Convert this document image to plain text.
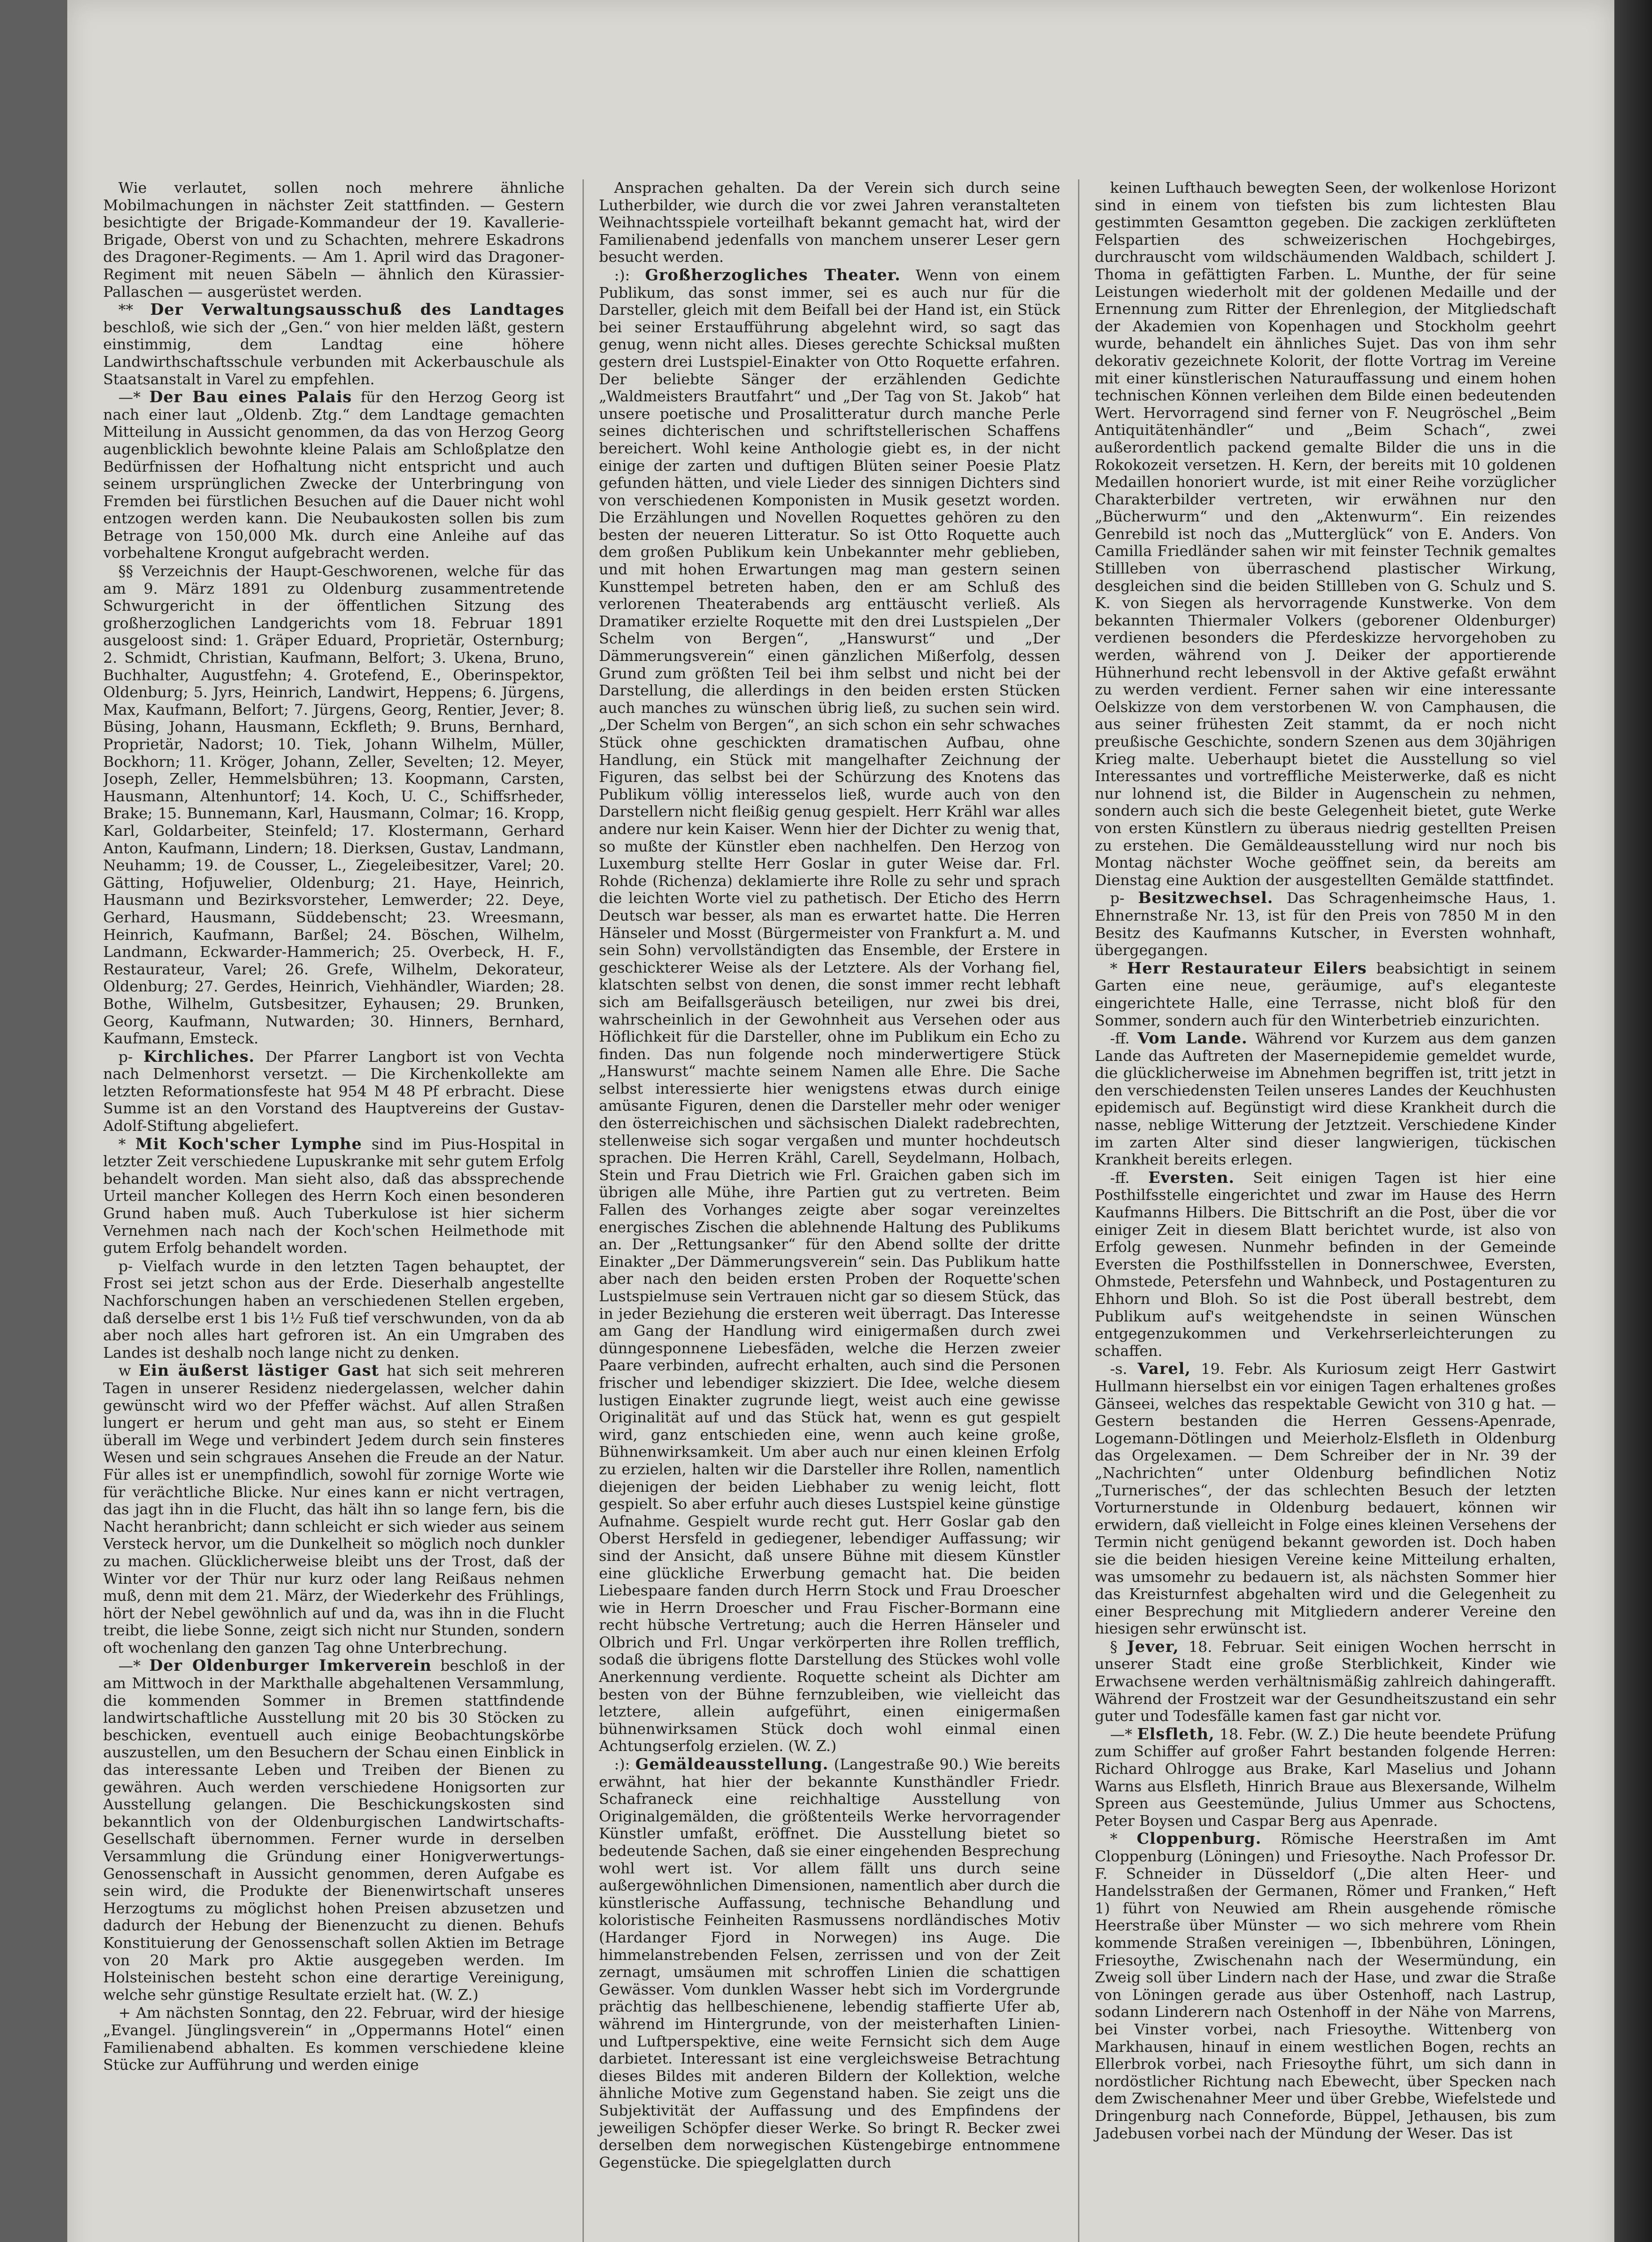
Wie verlautet, sollen noch mehrere ähnliche Mobilmachungen in nächster Zeit stattfinden. — Gestern besichtigte der Brigade-Kommandeur der 19. Kavallerie-Brigade, Oberst von und zu Schachten, mehrere Eskadrons des Dragoner-Regiments. — Am 1. April wird das Dragoner-Regiment mit neuen Säbeln — ähnlich den Kürassier-Pallaschen — ausgerüstet werden.

** Der Verwaltungsausschuß des Landtages beschloß, wie sich der „Gen.“ von hier melden läßt, gestern einstimmig, dem Landtag eine höhere Landwirthschaftsschule verbunden mit Ackerbauschule als Staatsanstalt in Varel zu empfehlen.

—* Der Bau eines Palais für den Herzog Georg ist nach einer laut „Oldenb. Ztg.“ dem Landtage gemachten Mitteilung in Aussicht genommen, da das von Herzog Georg augenblicklich bewohnte kleine Palais am Schloßplatze den Bedürfnissen der Hofhaltung nicht entspricht und auch seinem ursprünglichen Zwecke der Unterbringung von Fremden bei fürstlichen Besuchen auf die Dauer nicht wohl entzogen werden kann. Die Neubaukosten sollen bis zum Betrage von 150,000 Mk. durch eine Anleihe auf das vorbehaltene Krongut aufgebracht werden.

§§ Verzeichnis der Haupt-Geschworenen, welche für das am 9. März 1891 zu Oldenburg zusammentretende Schwurgericht in der öffentlichen Sitzung des großherzoglichen Landgerichts vom 18. Februar 1891 ausgeloost sind: 1. Gräper Eduard, Proprietär, Osternburg; 2. Schmidt, Christian, Kaufmann, Belfort; 3. Ukena, Bruno, Buchhalter, Augustfehn; 4. Grotefend, E., Oberinspektor, Oldenburg; 5. Jyrs, Heinrich, Landwirt, Heppens; 6. Jürgens, Max, Kaufmann, Belfort; 7. Jürgens, Georg, Rentier, Jever; 8. Büsing, Johann, Hausmann, Eckfleth; 9. Bruns, Bernhard, Proprietär, Nadorst; 10. Tiek, Johann Wilhelm, Müller, Bockhorn; 11. Kröger, Johann, Zeller, Sevelten; 12. Meyer, Joseph, Zeller, Hemmelsbühren; 13. Koopmann, Carsten, Hausmann, Altenhuntorf; 14. Koch, U. C., Schiffsrheder, Brake; 15. Bunnemann, Karl, Hausmann, Colmar; 16. Kropp, Karl, Goldarbeiter, Steinfeld; 17. Klostermann, Gerhard Anton, Kaufmann, Lindern; 18. Dierksen, Gustav, Landmann, Neuhamm; 19. de Cousser, L., Ziegeleibesitzer, Varel; 20. Gätting, Hofjuwelier, Oldenburg; 21. Haye, Heinrich, Hausmann und Bezirksvorsteher, Lemwerder; 22. Deye, Gerhard, Hausmann, Süddebenscht; 23. Wreesmann, Heinrich, Kaufmann, Barßel; 24. Böschen, Wilhelm, Landmann, Eckwarder-Hammerich; 25. Overbeck, H. F., Restaurateur, Varel; 26. Grefe, Wilhelm, Dekorateur, Oldenburg; 27. Gerdes, Heinrich, Viehhändler, Wiarden; 28. Bothe, Wilhelm, Gutsbesitzer, Eyhausen; 29. Brunken, Georg, Kaufmann, Nutwarden; 30. Hinners, Bernhard, Kaufmann, Emsteck.

p- Kirchliches. Der Pfarrer Langbort ist von Vechta nach Delmenhorst versetzt. — Die Kirchenkollekte am letzten Reformationsfeste hat 954 M 48 Pf erbracht. Diese Summe ist an den Vorstand des Hauptvereins der Gustav-Adolf-Stiftung abgeliefert.

* Mit Koch'scher Lymphe sind im Pius-Hospital in letzter Zeit verschiedene Lupuskranke mit sehr gutem Erfolg behandelt worden. Man sieht also, daß das abssprechende Urteil mancher Kollegen des Herrn Koch einen besonderen Grund haben muß. Auch Tuberkulose ist hier sicherm Vernehmen nach nach der Koch'schen Heilmethode mit gutem Erfolg behandelt worden.

p- Vielfach wurde in den letzten Tagen behauptet, der Frost sei jetzt schon aus der Erde. Dieserhalb angestellte Nachforschungen haben an verschiedenen Stellen ergeben, daß derselbe erst 1 bis 1½ Fuß tief verschwunden, von da ab aber noch alles hart gefroren ist. An ein Umgraben des Landes ist deshalb noch lange nicht zu denken.

w Ein äußerst lästiger Gast hat sich seit mehreren Tagen in unserer Residenz niedergelassen, welcher dahin gewünscht wird wo der Pfeffer wächst. Auf allen Straßen lungert er herum und geht man aus, so steht er Einem überall im Wege und verbindert Jedem durch sein finsteres Wesen und sein schgraues Ansehen die Freude an der Natur. Für alles ist er unempfindlich, sowohl für zornige Worte wie für verächtliche Blicke. Nur eines kann er nicht vertragen, das jagt ihn in die Flucht, das hält ihn so lange fern, bis die Nacht heranbricht; dann schleicht er sich wieder aus seinem Versteck hervor, um die Dunkelheit so möglich noch dunkler zu machen. Glücklicherweise bleibt uns der Trost, daß der Winter vor der Thür nur kurz oder lang Reißaus nehmen muß, denn mit dem 21. März, der Wiederkehr des Frühlings, hört der Nebel gewöhnlich auf und da, was ihn in die Flucht treibt, die liebe Sonne, zeigt sich nicht nur Stunden, sondern oft wochenlang den ganzen Tag ohne Unterbrechung.

—* Der Oldenburger Imkerverein beschloß in der am Mittwoch in der Markthalle abgehaltenen Versammlung, die kommenden Sommer in Bremen stattfindende landwirtschaftliche Ausstellung mit 20 bis 30 Stöcken zu beschicken, eventuell auch einige Beobachtungskörbe auszustellen, um den Besuchern der Schau einen Einblick in das interessante Leben und Treiben der Bienen zu gewähren. Auch werden verschiedene Honigsorten zur Ausstellung gelangen. Die Beschickungskosten sind bekanntlich von der Oldenburgischen Landwirtschafts-Gesellschaft übernommen. Ferner wurde in derselben Versammlung die Gründung einer Honigverwertungs-Genossenschaft in Aussicht genommen, deren Aufgabe es sein wird, die Produkte der Bienenwirtschaft unseres Herzogtums zu möglichst hohen Preisen abzusetzen und dadurch der Hebung der Bienenzucht zu dienen. Behufs Konstituierung der Genossenschaft sollen Aktien im Betrage von 20 Mark pro Aktie ausgegeben werden. Im Holsteinischen besteht schon eine derartige Vereinigung, welche sehr günstige Resultate erzielt hat. (W. Z.)

+ Am nächsten Sonntag, den 22. Februar, wird der hiesige „Evangel. Jünglingsverein“ in „Oppermanns Hotel“ einen Familienabend abhalten. Es kommen verschiedene kleine Stücke zur Aufführung und werden einige

Ansprachen gehalten. Da der Verein sich durch seine Lutherbilder, wie durch die vor zwei Jahren veranstalteten Weihnachtsspiele vorteilhaft bekannt gemacht hat, wird der Familienabend jedenfalls von manchem unserer Leser gern besucht werden.

:): Großherzogliches Theater. Wenn von einem Publikum, das sonst immer, sei es auch nur für die Darsteller, gleich mit dem Beifall bei der Hand ist, ein Stück bei seiner Erstaufführung abgelehnt wird, so sagt das genug, wenn nicht alles. Dieses gerechte Schicksal mußten gestern drei Lustspiel-Einakter von Otto Roquette erfahren. Der beliebte Sänger der erzählenden Gedichte „Waldmeisters Brautfahrt“ und „Der Tag von St. Jakob“ hat unsere poetische und Prosalitteratur durch manche Perle seines dichterischen und schriftstellerischen Schaffens bereichert. Wohl keine Anthologie giebt es, in der nicht einige der zarten und duftigen Blüten seiner Poesie Platz gefunden hätten, und viele Lieder des sinnigen Dichters sind von verschiedenen Komponisten in Musik gesetzt worden. Die Erzählungen und Novellen Roquettes gehören zu den besten der neueren Litteratur. So ist Otto Roquette auch dem großen Publikum kein Unbekannter mehr geblieben, und mit hohen Erwartungen mag man gestern seinen Kunsttempel betreten haben, den er am Schluß des verlorenen Theaterabends arg enttäuscht verließ. Als Dramatiker erzielte Roquette mit den drei Lustspielen „Der Schelm von Bergen“, „Hanswurst“ und „Der Dämmerungsverein“ einen gänzlichen Mißerfolg, dessen Grund zum größten Teil bei ihm selbst und nicht bei der Darstellung, die allerdings in den beiden ersten Stücken auch manches zu wünschen übrig ließ, zu suchen sein wird. „Der Schelm von Bergen“, an sich schon ein sehr schwaches Stück ohne geschickten dramatischen Aufbau, ohne Handlung, ein Stück mit mangelhafter Zeichnung der Figuren, das selbst bei der Schürzung des Knotens das Publikum völlig interesselos ließ, wurde auch von den Darstellern nicht fleißig genug gespielt. Herr Krähl war alles andere nur kein Kaiser. Wenn hier der Dichter zu wenig that, so mußte der Künstler eben nachhelfen. Den Herzog von Luxemburg stellte Herr Goslar in guter Weise dar. Frl. Rohde (Richenza) deklamierte ihre Rolle zu sehr und sprach die leichten Worte viel zu pathetisch. Der Eticho des Herrn Deutsch war besser, als man es erwartet hatte. Die Herren Hänseler und Mosst (Bürgermeister von Frankfurt a. M. und sein Sohn) vervollständigten das Ensemble, der Erstere in geschickterer Weise als der Letztere. Als der Vorhang fiel, klatschten selbst von denen, die sonst immer recht lebhaft sich am Beifallsgeräusch beteiligen, nur zwei bis drei, wahrscheinlich in der Gewohnheit aus Versehen oder aus Höflichkeit für die Darsteller, ohne im Publikum ein Echo zu finden. Das nun folgende noch minderwertigere Stück „Hanswurst“ machte seinem Namen alle Ehre. Die Sache selbst interessierte hier wenigstens etwas durch einige amüsante Figuren, denen die Darsteller mehr oder weniger den österreichischen und sächsischen Dialekt radebrechten, stellenweise sich sogar vergaßen und munter hochdeutsch sprachen. Die Herren Krähl, Carell, Seydelmann, Holbach, Stein und Frau Dietrich wie Frl. Graichen gaben sich im übrigen alle Mühe, ihre Partien gut zu vertreten. Beim Fallen des Vorhanges zeigte aber sogar vereinzeltes energisches Zischen die ablehnende Haltung des Publikums an. Der „Rettungsanker“ für den Abend sollte der dritte Einakter „Der Dämmerungsverein“ sein. Das Publikum hatte aber nach den beiden ersten Proben der Roquette'schen Lustspielmuse sein Vertrauen nicht gar so diesem Stück, das in jeder Beziehung die ersteren weit überragt. Das Interesse am Gang der Handlung wird einigermaßen durch zwei dünngesponnene Liebesfäden, welche die Herzen zweier Paare verbinden, aufrecht erhalten, auch sind die Personen frischer und lebendiger skizziert. Die Idee, welche diesem lustigen Einakter zugrunde liegt, weist auch eine gewisse Originalität auf und das Stück hat, wenn es gut gespielt wird, ganz entschieden eine, wenn auch keine große, Bühnenwirksamkeit. Um aber auch nur einen kleinen Erfolg zu erzielen, halten wir die Darsteller ihre Rollen, namentlich diejenigen der beiden Liebhaber zu wenig leicht, flott gespielt. So aber erfuhr auch dieses Lustspiel keine günstige Aufnahme. Gespielt wurde recht gut. Herr Goslar gab den Oberst Hersfeld in gediegener, lebendiger Auffassung; wir sind der Ansicht, daß unsere Bühne mit diesem Künstler eine glückliche Erwerbung gemacht hat. Die beiden Liebespaare fanden durch Herrn Stock und Frau Droescher wie in Herrn Droescher und Frau Fischer-Bormann eine recht hübsche Vertretung; auch die Herren Hänseler und Olbrich und Frl. Ungar verkörperten ihre Rollen trefflich, sodaß die übrigens flotte Darstellung des Stückes wohl volle Anerkennung verdiente. Roquette scheint als Dichter am besten von der Bühne fernzubleiben, wie vielleicht das letztere, allein aufgeführt, einen einigermaßen bühnenwirksamen Stück doch wohl einmal einen Achtungserfolg erzielen. (W. Z.)

:): Gemäldeausstellung. (Langestraße 90.) Wie bereits erwähnt, hat hier der bekannte Kunsthändler Friedr. Schafraneck eine reichhaltige Ausstellung von Originalgemälden, die größtenteils Werke hervorragender Künstler umfaßt, eröffnet. Die Ausstellung bietet so bedeutende Sachen, daß sie einer eingehenden Besprechung wohl wert ist. Vor allem fällt uns durch seine außergewöhnlichen Dimensionen, namentlich aber durch die künstlerische Auffassung, technische Behandlung und koloristische Feinheiten Rasmussens nordländisches Motiv (Hardanger Fjord in Norwegen) ins Auge. Die himmelanstrebenden Felsen, zerrissen und von der Zeit zernagt, umsäumen mit schroffen Linien die schattigen Gewässer. Vom dunklen Wasser hebt sich im Vordergrunde prächtig das hellbeschienene, lebendig staffierte Ufer ab, während im Hintergrunde, von der meisterhaften Linien- und Luftperspektive, eine weite Fernsicht sich dem Auge darbietet. Interessant ist eine vergleichsweise Betrachtung dieses Bildes mit anderen Bildern der Kollektion, welche ähnliche Motive zum Gegenstand haben. Sie zeigt uns die Subjektivität der Auffassung und des Empfindens der jeweiligen Schöpfer dieser Werke. So bringt R. Becker zwei derselben dem norwegischen Küstengebirge entnommene Gegenstücke. Die spiegelglatten durch

keinen Lufthauch bewegten Seen, der wolkenlose Horizont sind in einem von tiefsten bis zum lichtesten Blau gestimmten Gesamtton gegeben. Die zackigen zerklüfteten Felspartien des schweizerischen Hochgebirges, durchrauscht vom wildschäumenden Waldbach, schildert J. Thoma in gefättigten Farben. L. Munthe, der für seine Leistungen wiederholt mit der goldenen Medaille und der Ernennung zum Ritter der Ehrenlegion, der Mitgliedschaft der Akademien von Kopenhagen und Stockholm geehrt wurde, behandelt ein ähnliches Sujet. Das von ihm sehr dekorativ gezeichnete Kolorit, der flotte Vortrag im Vereine mit einer künstlerischen Naturauffassung und einem hohen technischen Können verleihen dem Bilde einen bedeutenden Wert. Hervorragend sind ferner von F. Neugröschel „Beim Antiquitätenhändler“ und „Beim Schach“, zwei außerordentlich packend gemalte Bilder die uns in die Rokokozeit versetzen. H. Kern, der bereits mit 10 goldenen Medaillen honoriert wurde, ist mit einer Reihe vorzüglicher Charakterbilder vertreten, wir erwähnen nur den „Bücherwurm“ und den „Aktenwurm“. Ein reizendes Genrebild ist noch das „Mutterglück“ von E. Anders. Von Camilla Friedländer sahen wir mit feinster Technik gemaltes Stillleben von überraschend plastischer Wirkung, desgleichen sind die beiden Stillleben von G. Schulz und S. K. von Siegen als hervorragende Kunstwerke. Von dem bekannten Thiermaler Volkers (geborener Oldenburger) verdienen besonders die Pferdeskizze hervorgehoben zu werden, während von J. Deiker der apportierende Hühnerhund recht lebensvoll in der Aktive gefaßt erwähnt zu werden verdient. Ferner sahen wir eine interessante Oelskizze von dem verstorbenen W. von Camphausen, die aus seiner frühesten Zeit stammt, da er noch nicht preußische Geschichte, sondern Szenen aus dem 30jährigen Krieg malte. Ueberhaupt bietet die Ausstellung so viel Interessantes und vortreffliche Meisterwerke, daß es nicht nur lohnend ist, die Bilder in Augenschein zu nehmen, sondern auch sich die beste Gelegenheit bietet, gute Werke von ersten Künstlern zu überaus niedrig gestellten Preisen zu erstehen. Die Gemäldeausstellung wird nur noch bis Montag nächster Woche geöffnet sein, da bereits am Dienstag eine Auktion der ausgestellten Gemälde stattfindet.

p- Besitzwechsel. Das Schragenheimsche Haus, 1. Ehnernstraße Nr. 13, ist für den Preis von 7850 M in den Besitz des Kaufmanns Kutscher, in Eversten wohnhaft, übergegangen.

* Herr Restaurateur Eilers beabsichtigt in seinem Garten eine neue, geräumige, auf's eleganteste eingerichtete Halle, eine Terrasse, nicht bloß für den Sommer, sondern auch für den Winterbetrieb einzurichten.

-ff. Vom Lande. Während vor Kurzem aus dem ganzen Lande das Auftreten der Masernepidemie gemeldet wurde, die glücklicherweise im Abnehmen begriffen ist, tritt jetzt in den verschiedensten Teilen unseres Landes der Keuchhusten epidemisch auf. Begünstigt wird diese Krankheit durch die nasse, neblige Witterung der Jetztzeit. Verschiedene Kinder im zarten Alter sind dieser langwierigen, tückischen Krankheit bereits erlegen.

-ff. Eversten. Seit einigen Tagen ist hier eine Posthilfsstelle eingerichtet und zwar im Hause des Herrn Kaufmanns Hilbers. Die Bittschrift an die Post, über die vor einiger Zeit in diesem Blatt berichtet wurde, ist also von Erfolg gewesen. Nunmehr befinden in der Gemeinde Eversten die Posthilfsstellen in Donnerschwee, Eversten, Ohmstede, Petersfehn und Wahnbeck, und Postagenturen zu Ehhorn und Bloh. So ist die Post überall bestrebt, dem Publikum auf's weitgehendste in seinen Wünschen entgegenzukommen und Verkehrserleichterungen zu schaffen.

-s. Varel, 19. Febr. Als Kuriosum zeigt Herr Gastwirt Hullmann hierselbst ein vor einigen Tagen erhaltenes großes Gänseei, welches das respektable Gewicht von 310 g hat. — Gestern bestanden die Herren Gessens-Apenrade, Logemann-Dötlingen und Meierholz-Elsfleth in Oldenburg das Orgelexamen. — Dem Schreiber der in Nr. 39 der „Nachrichten“ unter Oldenburg befindlichen Notiz „Turnerisches“, der das schlechten Besuch der letzten Vorturnerstunde in Oldenburg bedauert, können wir erwidern, daß vielleicht in Folge eines kleinen Versehens der Termin nicht genügend bekannt geworden ist. Doch haben sie die beiden hiesigen Vereine keine Mitteilung erhalten, was umsomehr zu bedauern ist, als nächsten Sommer hier das Kreisturnfest abgehalten wird und die Gelegenheit zu einer Besprechung mit Mitgliedern anderer Vereine den hiesigen sehr erwünscht ist.

§ Jever, 18. Februar. Seit einigen Wochen herrscht in unserer Stadt eine große Sterblichkeit, Kinder wie Erwachsene werden verhältnismäßig zahlreich dahingerafft. Während der Frostzeit war der Gesundheitszustand ein sehr guter und Todesfälle kamen fast gar nicht vor.

—* Elsfleth, 18. Febr. (W. Z.) Die heute beendete Prüfung zum Schiffer auf großer Fahrt bestanden folgende Herren: Richard Ohlrogge aus Brake, Karl Maselius und Johann Warns aus Elsfleth, Hinrich Braue aus Blexersande, Wilhelm Spreen aus Geestemünde, Julius Ummer aus Schoctens, Peter Boysen und Caspar Berg aus Apenrade.

* Cloppenburg. Römische Heerstraßen im Amt Cloppenburg (Löningen) und Friesoythe. Nach Professor Dr. F. Schneider in Düsseldorf („Die alten Heer- und Handelsstraßen der Germanen, Römer und Franken,“ Heft 1) führt von Neuwied am Rhein ausgehende römische Heerstraße über Münster — wo sich mehrere vom Rhein kommende Straßen vereinigen —, Ibbenbühren, Löningen, Friesoythe, Zwischenahn nach der Wesermündung, ein Zweig soll über Lindern nach der Hase, und zwar die Straße von Löningen gerade aus über Ostenhoff, nach Lastrup, sodann Linderern nach Ostenhoff in der Nähe von Marrens, bei Vinster vorbei, nach Friesoythe. Wittenberg von Markhausen, hinauf in einem westlichen Bogen, rechts an Ellerbrok vorbei, nach Friesoythe führt, um sich dann in nordöstlicher Richtung nach Ebewecht, über Specken nach dem Zwischenahner Meer und über Grebbe, Wiefelstede und Dringenburg nach Conneforde, Büppel, Jethausen, bis zum Jadebusen vorbei nach der Mündung der Weser. Das ist
